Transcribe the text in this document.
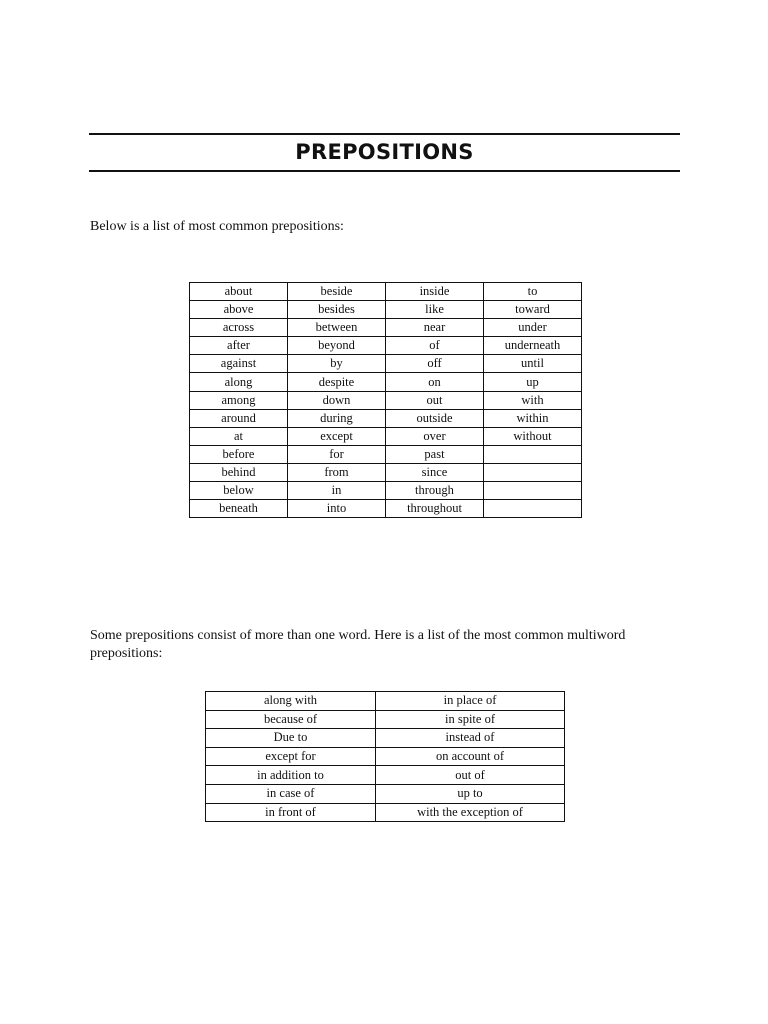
PREPOSITIONS
Below is a list of most common prepositions:
about	beside	inside	to
above	besides	like	toward
across	between	near	under
after	beyond	of	underneath
against	by	off	until
along	despite	on	up
among	down	out	with
around	during	outside	within
at	except	over	without
before	for	past	
behind	from	since	
below	in	through	
beneath	into	throughout	
Some prepositions consist of more than one word. Here is a list of the most common multiword prepositions:
along with	in place of
because of	in spite of
Due to	instead of
except for	on account of
in addition to	out of
in case of	up to
in front of	with the exception of
